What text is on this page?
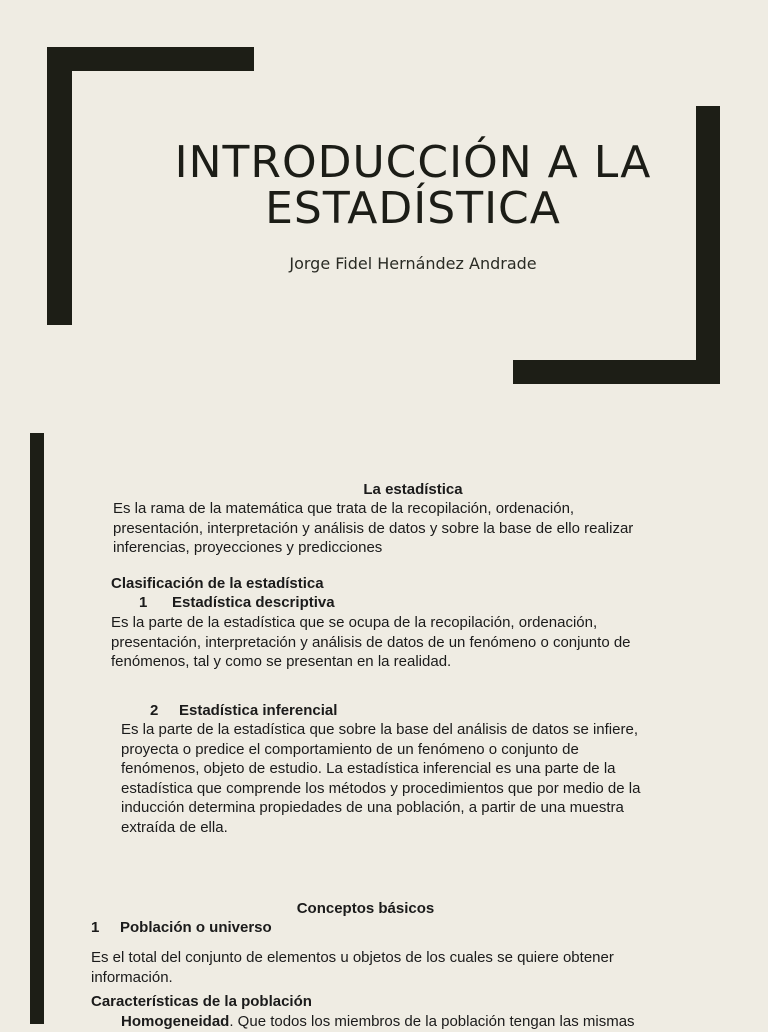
INTRODUCCIÓN A LA
ESTADÍSTICA
Jorge Fidel Hernández Andrade

La estadística

Es la rama de la matemática que trata de la recopilación, ordenación,
presentación, interpretación y análisis de datos y sobre la base de ello realizar
inferencias, proyecciones y predicciones

Clasificación de la estadística

1 Estadística descriptiva

Es la parte de la estadística que se ocupa de la recopilación, ordenación,
presentación, interpretación y análisis de datos de un fenómeno o conjunto de
fenómenos, tal y como se presentan en la realidad.

2 Estadística inferencial

Es la parte de la estadística que sobre la base del análisis de datos se infiere,
proyecta o predice el comportamiento de un fenómeno o conjunto de
fenómenos, objeto de estudio. La estadística inferencial es una parte de la
estadística que comprende los métodos y procedimientos que por medio de la
inducción determina propiedades de una población, a partir de una muestra
extraída de ella.

Conceptos básicos

1 Población o universo

Es el total del conjunto de elementos u objetos de los cuales se quiere obtener
información.

Características de la población

Homogeneidad. Que todos los miembros de la población tengan las mismas
